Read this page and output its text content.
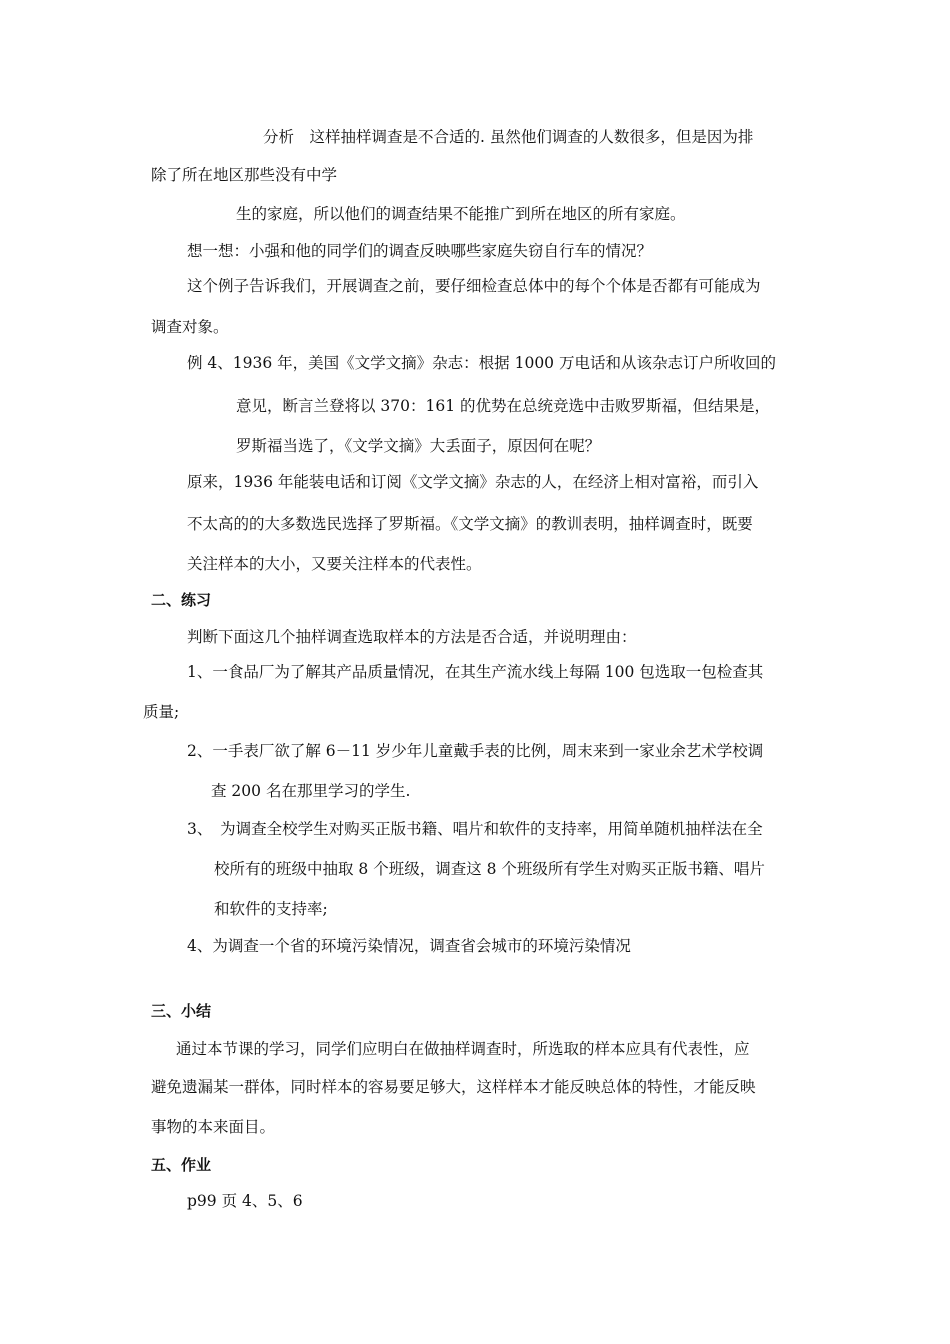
分析　这样抽样调查是不合适的. 虽然他们调查的人数很多，但是因为排
除了所在地区那些没有中学
生的家庭，所以他们的调查结果不能推广到所在地区的所有家庭。
想一想：小强和他的同学们的调查反映哪些家庭失窃自行车的情况？
这个例子告诉我们，开展调查之前，要仔细检查总体中的每个个体是否都有可能成为
调查对象。
例 4、1936 年，美国《文学文摘》杂志：根据 1000 万电话和从该杂志订户所收回的
意见，断言兰登将以 370：161 的优势在总统竞选中击败罗斯福，但结果是，
罗斯福当选了，《文学文摘》大丢面子，原因何在呢？
原来，1936 年能装电话和订阅《文学文摘》杂志的人，在经济上相对富裕，而引入
不太高的的大多数选民选择了罗斯福。《文学文摘》的教训表明，抽样调查时，既要
关注样本的大小，又要关注样本的代表性。
二、练习
判断下面这几个抽样调查选取样本的方法是否合适，并说明理由：
1、一食品厂为了解其产品质量情况，在其生产流水线上每隔 100 包选取一包检查其
质量;
2、一手表厂欲了解 6－11 岁少年儿童戴手表的比例，周末来到一家业余艺术学校调
查 200 名在那里学习的学生.
3、　为调查全校学生对购买正版书籍、唱片和软件的支持率，用简单随机抽样法在全
校所有的班级中抽取 8 个班级，调查这 8 个班级所有学生对购买正版书籍、唱片
和软件的支持率;
4、为调查一个省的环境污染情况，调查省会城市的环境污染情况
三、小结
通过本节课的学习，同学们应明白在做抽样调查时，所选取的样本应具有代表性，应
避免遗漏某一群体，同时样本的容易要足够大，这样样本才能反映总体的特性，才能反映
事物的本来面目。
五、作业
p99 页 4、5、6
